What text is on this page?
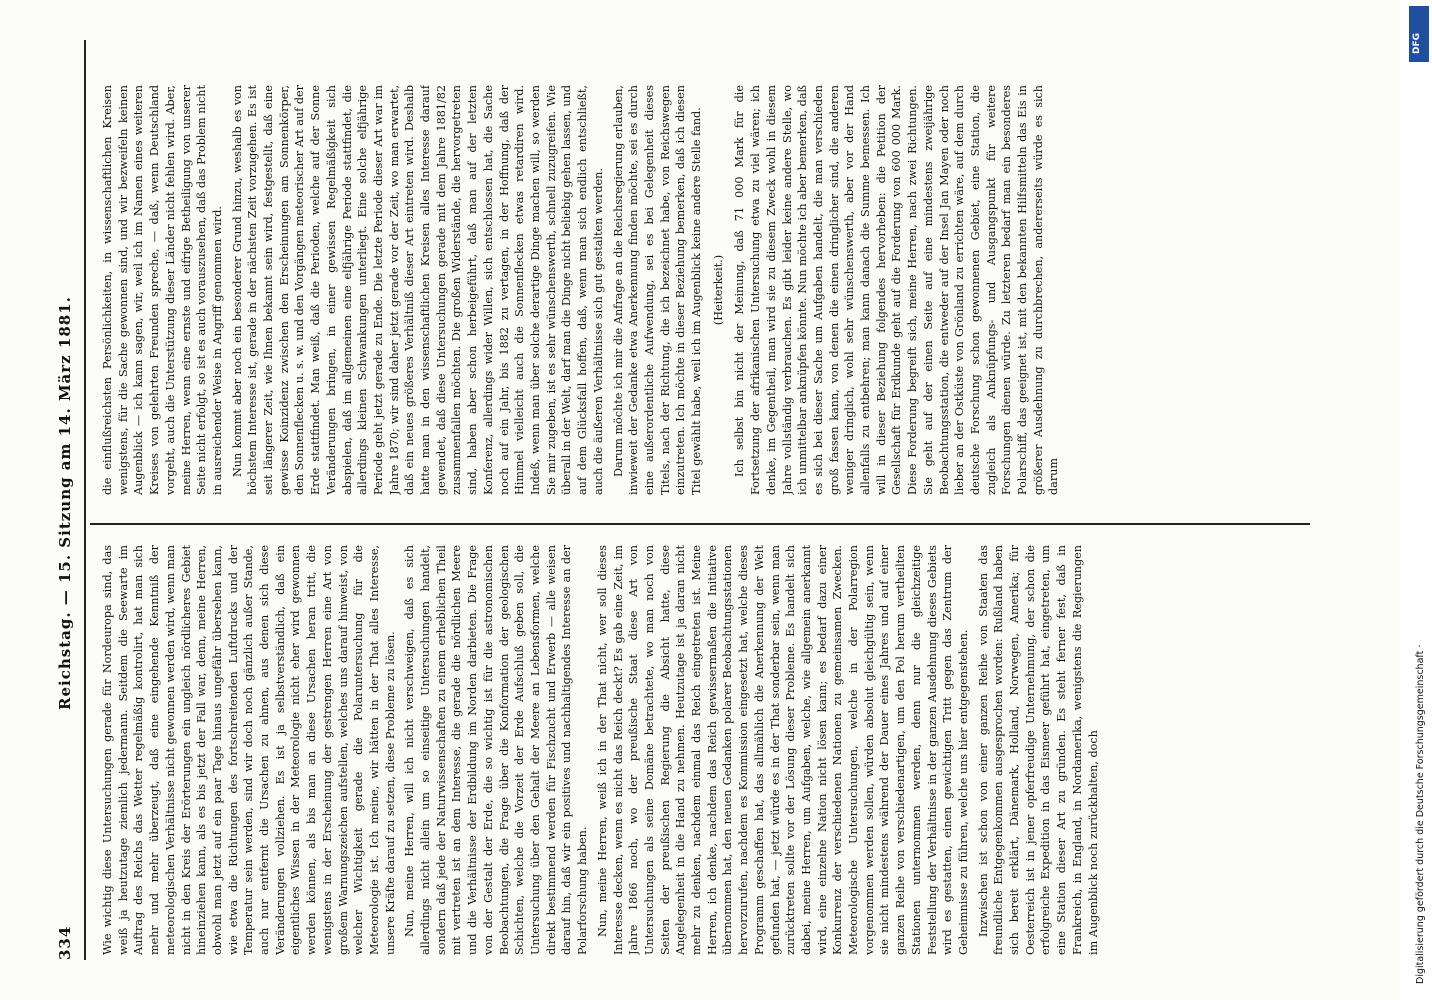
334
Reichstag. — 15. Sitzung am 14. März 1881.

Wie wichtig diese Untersuchungen gerade für Nordeuropa sind, das weiß ja heutzutage ziemlich jedermann. Seitdem die Seewarte im Auftrag des Reichs das Wetter regelmäßig kontrolirt, hat man sich mehr und mehr überzeugt, daß eine eingehende Kenntniß der meteorologischen Verhältnisse nicht gewonnen werden wird, wenn man nicht in den Kreis der Erörterungen ein ungleich nördlicheres Gebiet hineinziehen kann, als es bis jetzt der Fall war, denn, meine Herren, obwohl man jetzt auf ein paar Tage hinaus ungefähr übersehen kann, wie etwa die Richtungen des fortschreitenden Luftdrucks und der Temperatur sein werden, sind wir doch noch gänzlich außer Stande, auch nur entfernt die Ursachen zu ahnen, aus denen sich diese Veränderungen vollziehen. Es ist ja selbstverständlich, daß ein eigentliches Wissen in der Meteorologie nicht eher wird gewonnen werden können, als bis man an diese Ursachen heran tritt, die wenigstens in der Erscheinung der gestrengen Herren eine Art von großem Warnungszeichen aufstellen, welches uns darauf hinweist, von welcher Wichtigkeit gerade die Polaruntersuchung für die Meteorologie ist. Ich meine, wir hätten in der That alles Interesse, unsere Kräfte darauf zu setzen, diese Probleme zu lösen. Nun, meine Herren, will ich nicht verschweigen, daß es sich allerdings nicht allein um so einseitige Untersuchungen handelt, sondern daß jede der Naturwissenschaften zu einem erheblichen Theil mit vertreten ist an dem Interesse, die gerade die nördlichen Meere und die Verhältnisse der Erdbildung im Norden darbieten. Die Frage von der Gestalt der Erde, die so wichtig ist für die astronomischen Beobachtungen, die Frage über die Konformation der geologischen Schichten, welche die Vorzeit der Erde Aufschluß geben soll, die Untersuchung über den Gehalt der Meere an Lebensformen, welche direkt bestimmend werden für Fischzucht und Erwerb — alle weisen darauf hin, daß wir ein positives und nachhaltigendes Interesse an der Polarforschung haben. Nun, meine Herren, weiß ich in der That nicht, wer soll dieses Interesse decken, wenn es nicht das Reich deckt? Es gab eine Zeit, im Jahre 1866 noch, wo der preußische Staat diese Art von Untersuchungen als seine Domäne betrachtete, wo man noch von Seiten der preußischen Regierung die Absicht hatte, diese Angelegenheit in die Hand zu nehmen. Heutzutage ist ja daran nicht mehr zu denken, nachdem einmal das Reich eingetreten ist. Meine Herren, ich denke, nachdem das Reich gewissermaßen die Initiative übernommen hat, den neuen Gedanken polarer Beobachtungsstationen hervorzurufen, nachdem es Kommission eingesetzt hat, welche dieses Programm geschaffen hat, das allmählich die Anerkennung der Welt gefunden hat, — jetzt würde es in der That sonderbar sein, wenn man zurücktreten sollte vor der Lösung dieser Probleme. Es handelt sich dabei, meine Herren, um Aufgaben, welche, wie allgemein anerkannt wird, eine einzelne Nation nicht lösen kann; es bedarf dazu einer Konkurrenz der verschiedenen Nationen zu gemeinsamen Zwecken. Meteorologische Untersuchungen, welche in der Polarregion vorgenommen werden sollen, würden absolut gleichgültig sein, wenn sie nicht mindestens während der Dauer eines Jahres und auf einer ganzen Reihe von verschiedenartigen, um den Pol herum vertheilten Stationen unternommen werden, denn nur die gleichzeitige Feststellung der Verhältnisse in der ganzen Ausdehnung dieses Gebiets wird es gestatten, einen gewichtigen Tritt gegen das Zentrum der Geheimnisse zu führen, welche uns hier entgegenstehen. Inzwischen ist schon von einer ganzen Reihe von Staaten das freundliche Entgegenkommen ausgesprochen worden: Rußland haben sich bereit erklärt, Dänemark, Holland, Norwegen, Amerika; für Oesterreich ist in jener opferfreudige Unternehmung, der schon die erfolgreiche Expedition in das Eismeer geführt hat, eingetreten, um eine Station dieser Art zu gründen. Es steht ferner fest, daß in Frankreich, in England, in Nordamerika, wenigstens die Regierungen im Augenblick noch zurückhalten, doch

die einflußreichsten Persönlichkeiten, in wissenschaftlichen Kreisen wenigstens, für die Sache gewonnen sind, und wir bezweifeln keinen Augenblick — ich kann sagen, wir, weil ich im Namen eines weiteren Kreises von gelehrten Freunden spreche, — daß, wenn Deutschland vorgeht, auch die Unterstützung dieser Länder nicht fehlen wird. Aber, meine Herren, wenn eine ernste und eifrige Betheiligung von unserer Seite nicht erfolgt, so ist es auch vorauszusehen, daß das Problem nicht in ausreichender Weise in Angriff genommen wird. Nun kommt aber noch ein besonderer Grund hinzu, weshalb es von höchstem Interesse ist, gerade in der nächsten Zeit vorzugehen. Es ist seit längerer Zeit, wie Ihnen bekannt sein wird, festgestellt, daß eine gewisse Koinzidenz zwischen den Erscheinungen am Sonnenkörper, den Sonnenflecken u. s. w. und den Vorgängen meteorischer Art auf der Erde stattfindet. Man weiß, daß die Perioden, welche auf der Sonne Veränderungen bringen, in einer gewissen Regelmäßigkeit sich abspielen, daß im allgemeinen eine elfjährige Periode stattfindet, die allerdings kleinen Schwankungen unterliegt. Eine solche elfjährige Periode geht jetzt gerade zu Ende. Die letzte Periode dieser Art war im Jahre 1870; wir sind daher jetzt gerade vor der Zeit, wo man erwartet, daß ein neues größeres Verhältniß dieser Art eintreten wird. Deshalb hatte man in den wissenschaftlichen Kreisen alles Interesse darauf gewendet, daß diese Untersuchungen gerade mit dem Jahre 1881/82 zusammenfallen möchten. Die großen Widerstände, die hervorgetreten sind, haben aber schon herbeigeführt, daß man auf der letzten Konferenz, allerdings wider Willen, sich entschlossen hat, die Sache noch auf ein Jahr, bis 1882 zu vertagen, in der Hoffnung, daß der Himmel vielleicht auch die Sonnenflecken etwas retardiren wird. Indeß, wenn man über solche derartige Dinge machen will, so werden Sie mir zugeben, ist es sehr wünschenswerth, schnell zuzugreifen. Wie überall in der Welt, darf man die Dinge nicht beliebig gehen lassen, und auf dem Glücksfall hoffen, daß, wenn man sich endlich entschließt, auch die äußeren Verhältnisse sich gut gestalten werden. Darum möchte ich mir die Anfrage an die Reichsregierung erlauben, inwieweit der Gedanke etwa Anerkennung finden möchte, sei es durch eine außerordentliche Aufwendung, sei es bei Gelegenheit dieses Titels, nach der Richtung, die ich bezeichnet habe, von Reichswegen einzutreten. Ich möchte in dieser Beziehung bemerken, daß ich diesen Titel gewählt habe, weil ich im Augenblick keine andere Stelle fand. (Heiterkeit.) Ich selbst bin nicht der Meinung, daß 71 000 Mark für die Fortsetzung der afrikanischen Untersuchung etwa zu viel wären; ich denke, im Gegentheil, man wird sie zu diesem Zweck wohl in diesem Jahre vollständig verbrauchen. Es gibt leider keine andere Stelle, wo ich unmittelbar anknüpfen könnte. Nun möchte ich aber bemerken, daß es sich bei dieser Sache um Aufgaben handelt, die man verschieden groß fassen kann, von denen die einen dringlicher sind, die anderen weniger dringlich, wohl sehr wünschenswerth, aber vor der Hand allenfalls zu entbehren; man kann danach die Summe bemessen. Ich will in dieser Beziehung folgendes hervorheben: die Petition der Gesellschaft für Erdkunde geht auf die Forderung von 600 000 Mark. Diese Forderung begreift sich, meine Herren, nach zwei Richtungen. Sie geht auf der einen Seite auf eine mindestens zweijährige Beobachtungsstation, die entweder auf der Insel Jan Mayen oder noch lieber an der Ostküste von Grönland zu errichten wäre, auf dem durch deutsche Forschung schon gewonnenen Gebiet, eine Station, die zugleich als Anknüpfungs- und Ausgangspunkt für weitere Forschungen dienen würde. Zu letzteren bedarf man ein besonderes Polarschiff, das geeignet ist, mit den bekannten Hilfsmitteln das Eis in größerer Ausdehnung zu durchbrechen, andererseits würde es sich darum

Digitalisierung gefördert durch die Deutsche Forschungsgemeinschaft ·
DFG
